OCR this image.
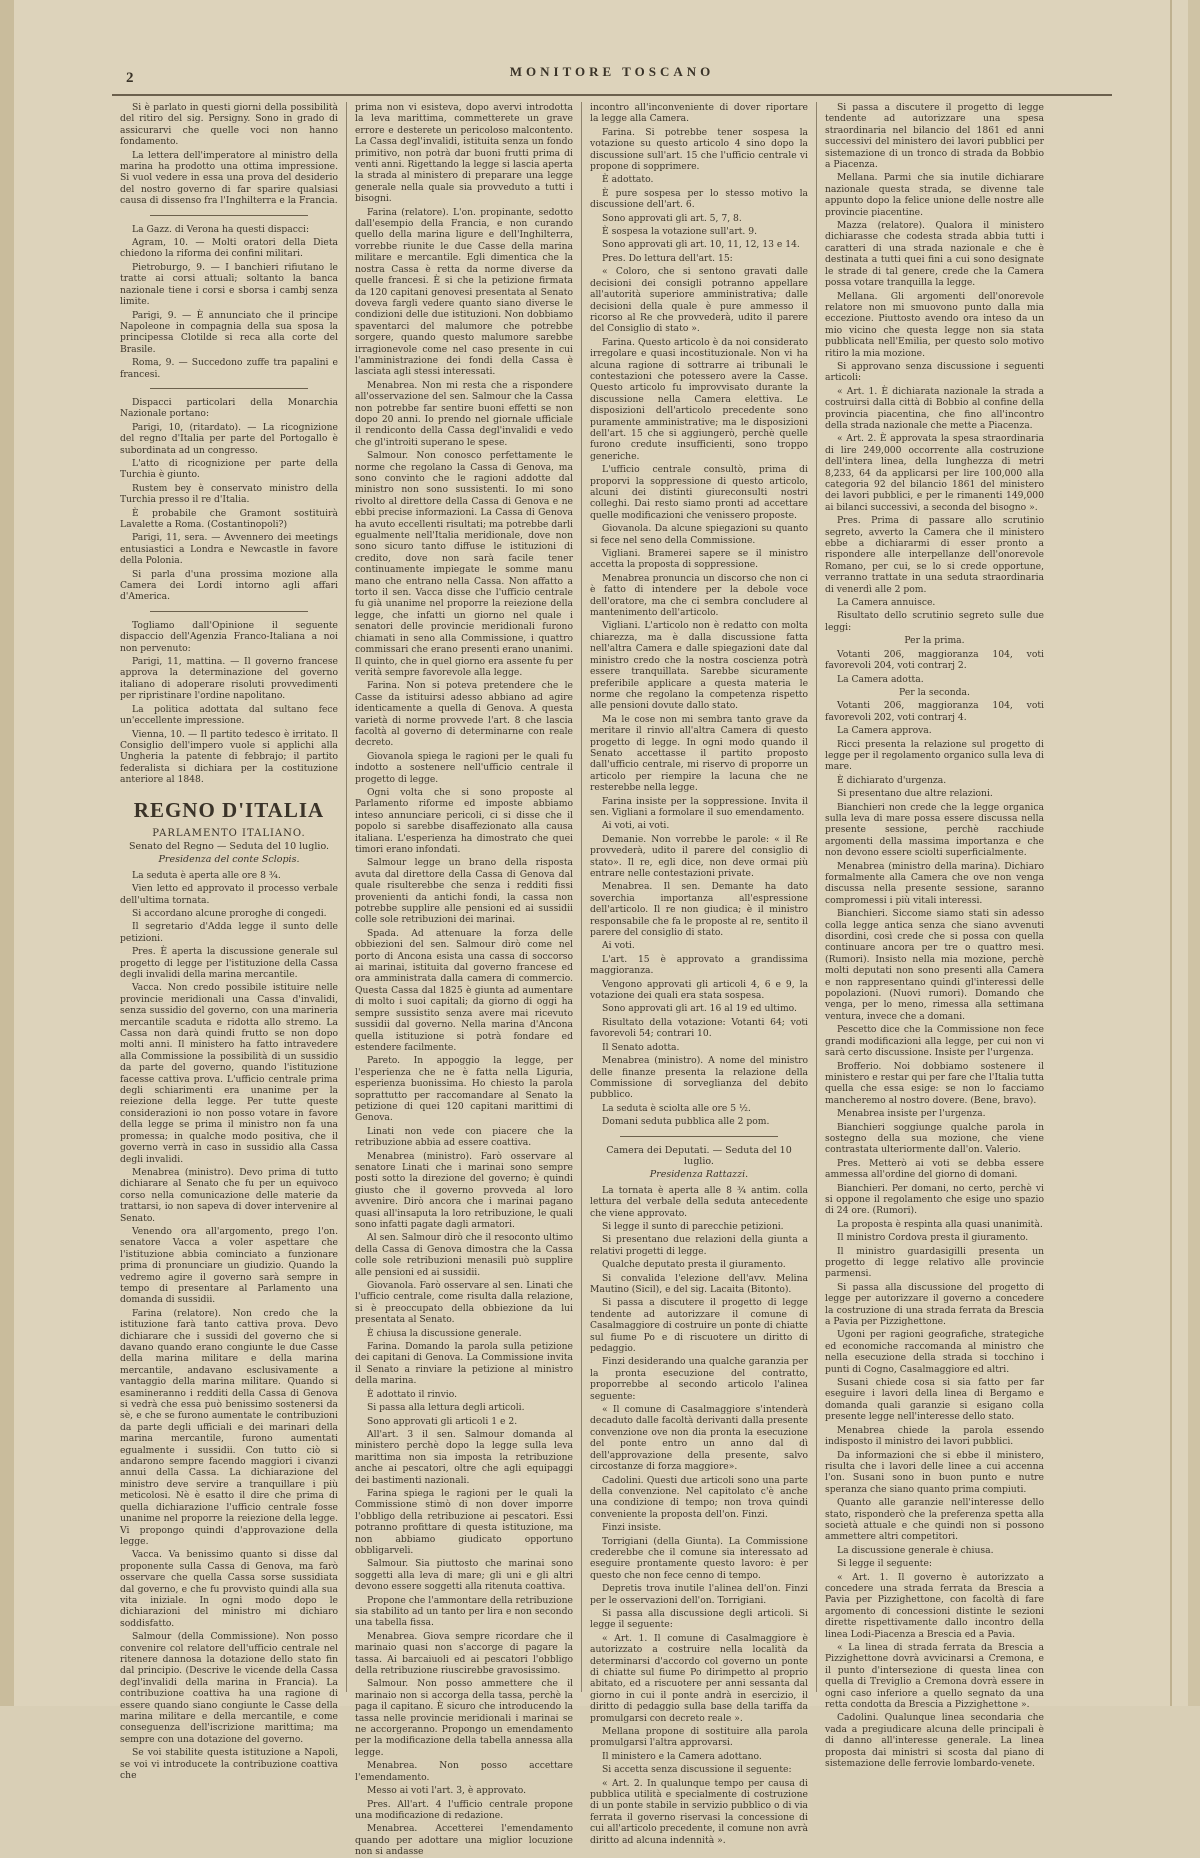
2	MONITORE TOSCANO

Si è parlato in questi giorni della possibilità del ritiro del sig. Persigny. Sono in grado di assicurarvi che quelle voci non hanno fondamento.

La lettera dell'imperatore al ministro della marina ha prodotto una ottima impressione. Si vuol vedere in essa una prova del desiderio del nostro governo di far sparire qualsiasi causa di dissenso fra l'Inghilterra e la Francia.

La Gazz. di Verona ha questi dispacci:

Agram, 10. — Molti oratori della Dieta chiedono la riforma dei confini militari.

Pietroburgo, 9. — I banchieri rifiutano le tratte ai corsi attuali; soltanto la banca nazionale tiene i corsi e sborsa i cambj senza limite.

Parigi, 9. — È annunciato che il principe Napoleone in compagnia della sua sposa la principessa Clotilde si reca alla corte del Brasile.

Roma, 9. — Succedono zuffe tra papalini e francesi.

Dispacci particolari della Monarchia Nazionale portano:

Parigi, 10, (ritardato). — La ricognizione del regno d'Italia per parte del Portogallo è subordinata ad un congresso.

L'atto di ricognizione per parte della Turchia è giunto.

Rustem bey è conservato ministro della Turchia presso il re d'Italia.

È probabile che Gramont sostituirà Lavalette a Roma. (Costantinopoli?)

Parigi, 11, sera. — Avvennero dei meetings entusiastici a Londra e Newcastle in favore della Polonia.

Si parla d'una prossima mozione alla Camera dei Lordi intorno agli affari d'America.

Togliamo dall'Opinione il seguente dispaccio dell'Agenzia Franco-Italiana a noi non pervenuto:

Parigi, 11, mattina. — Il governo francese approva la determinazione del governo italiano di adoperare risoluti provvedimenti per ripristinare l'ordine napolitano.

La politica adottata dal sultano fece un'eccellente impressione.

Vienna, 10. — Il partito tedesco è irritato. Il Consiglio dell'impero vuole si applichi alla Ungheria la patente di febbrajo; il partito federalista si dichiara per la costituzione anteriore al 1848.

REGNO D'ITALIA
PARLAMENTO ITALIANO.
Senato del Regno — Seduta del 10 luglio.
Presidenza del conte Sclopis.

La seduta è aperta alle ore 8 ¾.

Vien letto ed approvato il processo verbale dell'ultima tornata.

Si accordano alcune proroghe di congedi.

Il segretario d'Adda legge il sunto delle petizioni.

Pres. È aperta la discussione generale sul progetto di legge per l'istituzione della Cassa degli invalidi della marina mercantile.

Vacca. Non credo possibile istituire nelle provincie meridionali una Cassa d'invalidi, senza sussidio del governo, con una marineria mercantile scaduta e ridotta allo stremo. La Cassa non darà quindi frutto se non dopo molti anni. Il ministero ha fatto intravedere alla Commissione la possibilità di un sussidio da parte del governo, quando l'istituzione facesse cattiva prova. L'ufficio centrale prima degli schiarimenti era unanime per la reiezione della legge. Per tutte queste considerazioni io non posso votare in favore della legge se prima il ministro non fa una promessa; in qualche modo positiva, che il governo verrà in caso in sussidio alla Cassa degli invalidi.

Menabrea (ministro). Devo prima di tutto dichiarare al Senato che fu per un equivoco corso nella comunicazione delle materie da trattarsi, io non sapeva di dover intervenire al Senato.

Venendo ora all'argomento, prego l'on. senatore Vacca a voler aspettare che l'istituzione abbia cominciato a funzionare prima di pronunciare un giudizio. Quando la vedremo agire il governo sarà sempre in tempo di presentare al Parlamento una domanda di sussidii.

Farina (relatore). Non credo che la istituzione farà tanto cattiva prova. Devo dichiarare che i sussidi del governo che si davano quando erano congiunte le due Casse della marina militare e della marina mercantile, andavano esclusivamente a vantaggio della marina militare. Quando si esamineranno i redditi della Cassa di Genova si vedrà che essa può benissimo sostenersi da sè, e che se furono aumentate le contribuzioni da parte degli ufficiali e dei marinari della marina mercantile, furono aumentati egualmente i sussidii. Con tutto ciò si andarono sempre facendo maggiori i civanzi annui della Cassa. La dichiarazione del ministro deve servire a tranquillare i più meticolosi. Nè è esatto il dire che prima di quella dichiarazione l'ufficio centrale fosse unanime nel proporre la reiezione della legge. Vi propongo quindi d'approvazione della legge.

Vacca. Va benissimo quanto si disse dal proponente sulla Cassa di Genova, ma farò osservare che quella Cassa sorse sussidiata dal governo, e che fu provvisto quindi alla sua vita iniziale. In ogni modo dopo le dichiarazioni del ministro mi dichiaro soddisfatto.

Salmour (della Commissione). Non posso convenire col relatore dell'ufficio centrale nel ritenere dannosa la dotazione dello stato fin dal principio. (Descrive le vicende della Cassa degl'invalidi della marina in Francia). La contribuzione coattiva ha una ragione di essere quando siano congiunte le Casse della marina militare e della mercantile, e come conseguenza dell'iscrizione marittima; ma sempre con una dotazione del governo.

Se voi stabilite questa istituzione a Napoli, se voi vi introducete la contribuzione coattiva che

prima non vi esisteva, dopo avervi introdotta la leva marittima, commetterete un grave errore e desterete un pericoloso malcontento. La Cassa degl'invalidi, istituita senza un fondo primitivo, non potrà dar buoni frutti prima di venti anni. Rigettando la legge si lascia aperta la strada al ministero di preparare una legge generale nella quale sia provveduto a tutti i bisogni.

Farina (relatore). L'on. propinante, sedotto dall'esempio della Francia, e non curando quello della marina ligure e dell'Inghilterra, vorrebbe riunite le due Casse della marina militare e mercantile. Egli dimentica che la nostra Cassa è retta da norme diverse da quelle francesi. È si che la petizione firmata da 120 capitani genovesi presentata al Senato doveva fargli vedere quanto siano diverse le condizioni delle due istituzioni. Non dobbiamo spaventarci del malumore che potrebbe sorgere, quando questo malumore sarebbe irragionevole come nel caso presente in cui l'amministrazione dei fondi della Cassa è lasciata agli stessi interessati.

Menabrea. Non mi resta che a rispondere all'osservazione del sen. Salmour che la Cassa non potrebbe far sentire buoni effetti se non dopo 20 anni. Io prendo nel giornale ufficiale il rendiconto della Cassa degl'invalidi e vedo che gl'introiti superano le spese.

Salmour. Non conosco perfettamente le norme che regolano la Cassa di Genova, ma sono convinto che le ragioni addotte dal ministro non sono sussistenti. Io mi sono rivolto al direttore della Cassa di Genova e ne ebbi precise informazioni. La Cassa di Genova ha avuto eccellenti risultati; ma potrebbe darli egualmente nell'Italia meridionale, dove non sono sicuro tanto diffuse le istituzioni di credito, dove non sarà facile tener continuamente impiegate le somme manu mano che entrano nella Cassa. Non affatto a torto il sen. Vacca disse che l'ufficio centrale fu già unanime nel proporre la reiezione della legge, che infatti un giorno nel quale i senatori delle provincie meridionali furono chiamati in seno alla Commissione, i quattro commissari che erano presenti erano unanimi. Il quinto, che in quel giorno era assente fu per verità sempre favorevole alla legge.

Farina. Non si poteva pretendere che le Casse da istituirsi adesso abbiano ad agire identicamente a quella di Genova. A questa varietà di norme provvede l'art. 8 che lascia facoltà al governo di determinarne con reale decreto.

Giovanola spiega le ragioni per le quali fu indotto a sostenere nell'ufficio centrale il progetto di legge.

Ogni volta che si sono proposte al Parlamento riforme ed imposte abbiamo inteso annunciare pericoli, ci si disse che il popolo si sarebbe disaffezionato alla causa italiana. L'esperienza ha dimostrato che quei timori erano infondati.

Salmour legge un brano della risposta avuta dal direttore della Cassa di Genova dal quale risulterebbe che senza i redditi fissi provenienti da antichi fondi, la cassa non potrebbe supplire alle pensioni ed ai sussidii colle sole retribuzioni dei marinai.

Spada. Ad attenuare la forza delle obbiezioni del sen. Salmour dirò come nel porto di Ancona esista una cassa di soccorso ai marinai, istituita dal governo francese ed ora amministrata dalla camera di commercio. Questa Cassa dal 1825 è giunta ad aumentare di molto i suoi capitali; da giorno di oggi ha sempre sussistito senza avere mai ricevuto sussidii dal governo. Nella marina d'Ancona quella istituzione si potrà fondare ed estendere facilmente.

Pareto. In appoggio la legge, per l'esperienza che ne è fatta nella Liguria, esperienza buonissima. Ho chiesto la parola soprattutto per raccomandare al Senato la petizione di quei 120 capitani marittimi di Genova.

Linati non vede con piacere che la retribuzione abbia ad essere coattiva.

Menabrea (ministro). Farò osservare al senatore Linati che i marinai sono sempre posti sotto la direzione del governo; è quindi giusto che il governo provveda al loro avvenire. Dirò ancora che i marinai pagano quasi all'insaputa la loro retribuzione, le quali sono infatti pagate dagli armatori.

Al sen. Salmour dirò che il resoconto ultimo della Cassa di Genova dimostra che la Cassa colle sole retribuzioni menasili può supplire alle pensioni ed ai sussidii.

Giovanola. Farò osservare al sen. Linati che l'ufficio centrale, come risulta dalla relazione, si è preoccupato della obbiezione da lui presentata al Senato.

È chiusa la discussione generale.

Farina. Domando la parola sulla petizione dei capitani di Genova. La Commissione invita il Senato a rinviare la petizione al ministro della marina.

È adottato il rinvio.

Si passa alla lettura degli articoli.

Sono approvati gli articoli 1 e 2.

All'art. 3 il sen. Salmour domanda al ministero perchè dopo la legge sulla leva marittima non sia imposta la retribuzione anche ai pescatori, oltre che agli equipaggi dei bastimenti nazionali.

Farina spiega le ragioni per le quali la Commissione stimò di non dover imporre l'obbligo della retribuzione ai pescatori. Essi potranno profittare di questa istituzione, ma non abbiamo giudicato opportuno obbligarveli.

Salmour. Sia piuttosto che marinai sono soggetti alla leva di mare; gli uni e gli altri devono essere soggetti alla ritenuta coattiva.

Propone che l'ammontare della retribuzione sia stabilito ad un tanto per lira e non secondo una tabella fissa.

Menabrea. Giova sempre ricordare che il marinaio quasi non s'accorge di pagare la tassa. Ai barcaiuoli ed ai pescatori l'obbligo della retribuzione riuscirebbe gravosissimo.

Salmour. Non posso ammettere che il marinaio non si accorga della tassa, perchè la paga il capitano. È sicuro che introducendo la tassa nelle provincie meridionali i marinai se ne accorgeranno. Propongo un emendamento per la modificazione della tabella annessa alla legge.

Menabrea. Non posso accettare l'emendamento.

Messo ai voti l'art. 3, è approvato.

Pres. All'art. 4 l'ufficio centrale propone una modificazione di redazione.

Menabrea. Accetterei l'emendamento quando per adottare una miglior locuzione non si andasse

incontro all'inconveniente di dover riportare la legge alla Camera.

Farina. Si potrebbe tener sospesa la votazione su questo articolo 4 sino dopo la discussione sull'art. 15 che l'ufficio centrale vi propone di sopprimere.

È adottato.

È pure sospesa per lo stesso motivo la discussione dell'art. 6.

Sono approvati gli art. 5, 7, 8.

È sospesa la votazione sull'art. 9.

Sono approvati gli art. 10, 11, 12, 13 e 14.

Pres. Do lettura dell'art. 15:

« Coloro, che si sentono gravati dalle decisioni dei consigli potranno appellare all'autorità superiore amministrativa; dalle decisioni della quale è pure ammesso il ricorso al Re che provvederà, udito il parere del Consiglio di stato ».

Farina. Questo articolo è da noi considerato irregolare e quasi incostituzionale. Non vi ha alcuna ragione di sottrarre ai tribunali le contestazioni che potessero avere la Casse. Questo articolo fu improvvisato durante la discussione nella Camera elettiva. Le disposizioni dell'articolo precedente sono puramente amministrative; ma le disposizioni dell'art. 15 che si aggiungerò, perchè quelle furono credute insufficienti, sono troppo generiche.

L'ufficio centrale consultò, prima di proporvi la soppressione di questo articolo, alcuni dei distinti giureconsulti nostri colleghi. Dai resto siamo pronti ad accettare quelle modificazioni che venissero proposte.

Giovanola. Da alcune spiegazioni su quanto si fece nel seno della Commissione.

Vigliani. Bramerei sapere se il ministro accetta la proposta di soppressione.

Menabrea pronuncia un discorso che non ci è fatto di intendere per la debole voce dell'oratore, ma che ci sembra concludere al mantenimento dell'articolo.

Vigliani. L'articolo non è redatto con molta chiarezza, ma è dalla discussione fatta nell'altra Camera e dalle spiegazioni date dal ministro credo che la nostra coscienza potrà essere tranquillata. Sarebbe sicuramente preferibile applicare a questa materia le norme che regolano la competenza rispetto alle pensioni dovute dallo stato.

Ma le cose non mi sembra tanto grave da meritare il rinvio all'altra Camera di questo progetto di legge. In ogni modo quando il Senato accettasse il partito proposto dall'ufficio centrale, mi riservo di proporre un articolo per riempire la lacuna che ne resterebbe nella legge.

Farina insiste per la soppressione. Invita il sen. Vigliani a formolare il suo emendamento.

Ai voti, ai voti.

Demanie. Non vorrebbe le parole: « il Re provvederà, udito il parere del consiglio di stato». Il re, egli dice, non deve ormai più entrare nelle contestazioni private.

Menabrea. Il sen. Demante ha dato soverchia importanza all'espressione dell'articolo. Il re non giudica; è il ministro responsabile che fa le proposte al re, sentito il parere del consiglio di stato.

Ai voti.

L'art. 15 è approvato a grandissima maggioranza.

Vengono approvati gli articoli 4, 6 e 9, la votazione dei quali era stata sospesa.

Sono approvati gli art. 16 al 19 ed ultimo.

Risultato della votazione: Votanti 64; voti favorevoli 54; contrari 10.

Il Senato adotta.

Menabrea (ministro). A nome del ministro delle finanze presenta la relazione della Commissione di sorveglianza del debito pubblico.

La seduta è sciolta alle ore 5 ½.

Domani seduta pubblica alle 2 pom.

Camera dei Deputati. — Seduta del 10 luglio.
Presidenza Rattazzi.

La tornata è aperta alle 8 ¾ antim. colla lettura del verbale della seduta antecedente che viene approvato.

Si legge il sunto di parecchie petizioni.

Si presentano due relazioni della giunta a relativi progetti di legge.

Qualche deputato presta il giuramento.

Si convalida l'elezione dell'avv. Melina Mautino (Sicil), e del sig. Lacaita (Bitonto).

Si passa a discutere il progetto di legge tendente ad autorizzare il comune di Casalmaggiore di costruire un ponte di chiatte sul fiume Po e di riscuotere un diritto di pedaggio.

Finzi desiderando una qualche garanzia per la pronta esecuzione del contratto, proporrebbe al secondo articolo l'alinea seguente:

« Il comune di Casalmaggiore s'intenderà decaduto dalle facoltà derivanti dalla presente convenzione ove non dia pronta la esecuzione del ponte entro un anno dal dì dell'approvazione della presente, salvo circostanze di forza maggiore».

Cadolini. Questi due articoli sono una parte della convenzione. Nel capitolato c'è anche una condizione di tempo; non trova quindi conveniente la proposta dell'on. Finzi.

Finzi insiste.

Torrigiani (della Giunta). La Commissione crederebbe che il comune sia interessato ad eseguire prontamente questo lavoro: è per questo che non fece cenno di tempo.

Depretis trova inutile l'alinea dell'on. Finzi per le osservazioni dell'on. Torrigiani.

Si passa alla discussione degli articoli. Si legge il seguente:

« Art. 1. Il comune di Casalmaggiore è autorizzato a costruire nella località da determinarsi d'accordo col governo un ponte di chiatte sul fiume Po dirimpetto al proprio abitato, ed a riscuotere per anni sessanta dal giorno in cui il ponte andrà in esercizio, il diritto di pedaggio sulla base della tariffa da promulgarsi con decreto reale ».

Mellana propone di sostituire alla parola promulgarsi l'altra approvarsi.

Il ministero e la Camera adottano.

Si accetta senza discussione il seguente:

« Art. 2. In qualunque tempo per causa di pubblica utilità e specialmente di costruzione di un ponte stabile in servizio pubblico o di via ferrata il governo riservasi la concessione di cui all'articolo precedente, il comune non avrà diritto ad alcuna indennità ».

Si passa a discutere il progetto di legge tendente ad autorizzare una spesa straordinaria nel bilancio del 1861 ed anni successivi del ministero dei lavori pubblici per sistemazione di un tronco di strada da Bobbio a Piacenza.

Mellana. Parmi che sia inutile dichiarare nazionale questa strada, se divenne tale appunto dopo la felice unione delle nostre alle provincie piacentine.

Mazza (relatore). Qualora il ministero dichiarasse che codesta strada abbia tutti i caratteri di una strada nazionale e che è destinata a tutti quei fini a cui sono designate le strade di tal genere, crede che la Camera possa votare tranquilla la legge.

Mellana. Gli argomenti dell'onorevole relatore non mi smuovono punto dalla mia eccezione. Piuttosto avendo ora inteso da un mio vicino che questa legge non sia stata pubblicata nell'Emilia, per questo solo motivo ritiro la mia mozione.

Si approvano senza discussione i seguenti articoli:

« Art. 1. È dichiarata nazionale la strada a costruirsi dalla città di Bobbio al confine della provincia piacentina, che fino all'incontro della strada nazionale che mette a Piacenza.

« Art. 2. È approvata la spesa straordinaria di lire 249,000 occorrente alla costruzione dell'intera linea, della lunghezza di metri 8,233, 64 da applicarsi per lire 100,000 alla categoria 92 del bilancio 1861 del ministero dei lavori pubblici, e per le rimanenti 149,000 ai bilanci successivi, a seconda del bisogno ».

Pres. Prima di passare allo scrutinio segreto, avverto la Camera che il ministero ebbe a dichiararmi di esser pronto a rispondere alle interpellanze dell'onorevole Romano, per cui, se lo si crede opportune, verranno trattate in una seduta straordinaria di venerdì alle 2 pom.

La Camera annuisce.

Risultato dello scrutinio segreto sulle due leggi:

Per la prima.

Votanti 206, maggioranza 104, voti favorevoli 204, voti contrarj 2.

La Camera adotta.

Per la seconda.

Votanti 206, maggioranza 104, voti favorevoli 202, voti contrarj 4.

La Camera approva.

Ricci presenta la relazione sul progetto di legge per il regolamento organico sulla leva di mare.

È dichiarato d'urgenza.

Si presentano due altre relazioni.

Bianchieri non crede che la legge organica sulla leva di mare possa essere discussa nella presente sessione, perchè racchiude argomenti della massima importanza e che non devono essere sciolti superficialmente.

Menabrea (ministro della marina). Dichiaro formalmente alla Camera che ove non venga discussa nella presente sessione, saranno compromessi i più vitali interessi.

Bianchieri. Siccome siamo stati sin adesso colla legge antica senza che siano avvenuti disordini, così crede che si possa con quella continuare ancora per tre o quattro mesi. (Rumori). Insisto nella mia mozione, perchè molti deputati non sono presenti alla Camera e non rappresentano quindi gl'interessi delle popolazioni. (Nuovi rumori). Domando che venga, per lo meno, rimessa alla settimana ventura, invece che a domani.

Pescetto dice che la Commissione non fece grandi modificazioni alla legge, per cui non vi sarà certo discussione. Insiste per l'urgenza.

Brofferio. Noi dobbiamo sostenere il ministero e restar qui per fare che l'Italia tutta quella che essa esige: se non lo facciamo mancheremo al nostro dovere. (Bene, bravo).

Menabrea insiste per l'urgenza.

Bianchieri soggiunge qualche parola in sostegno della sua mozione, che viene contrastata ulteriormente dall'on. Valerio.

Pres. Metterò ai voti se debba essere ammessa all'ordine del giorno di domani.

Bianchieri. Per domani, no certo, perchè vi si oppone il regolamento che esige uno spazio di 24 ore. (Rumori).

La proposta è respinta alla quasi unanimità.

Il ministro Cordova presta il giuramento.

Il ministro guardasigilli presenta un progetto di legge relativo alle provincie parmensi.

Si passa alla discussione del progetto di legge per autorizzare il governo a concedere la costruzione di una strada ferrata da Brescia a Pavia per Pizzighettone.

Ugoni per ragioni geografiche, strategiche ed economiche raccomanda al ministro che nella esecuzione della strada si tocchino i punti di Cogno, Casalmaggiore ed altri.

Susani chiede cosa si sia fatto per far eseguire i lavori della linea di Bergamo e domanda quali garanzie si esigano colla presente legge nell'interesse dello stato.

Menabrea chiede la parola essendo indisposto il ministro dei lavori pubblici.

Da informazioni che si ebbe il ministero, risulta che i lavori delle linee a cui accenna l'on. Susani sono in buon punto e nutre speranza che siano quanto prima compiuti.

Quanto alle garanzie nell'interesse dello stato, risponderò che la preferenza spetta alla società attuale e che quindi non si possono ammettere altri competitori.

La discussione generale è chiusa.

Si legge il seguente:

« Art. 1. Il governo è autorizzato a concedere una strada ferrata da Brescia a Pavia per Pizzighettone, con facoltà di fare argomento di concessioni distinte le sezioni dirette rispettivamente dallo incontro della linea Lodi-Piacenza a Brescia ed a Pavia.

« La linea di strada ferrata da Brescia a Pizzighettone dovrà avvicinarsi a Cremona, e il punto d'intersezione di questa linea con quella di Treviglio a Cremona dovrà essere in ogni caso inferiore a quello segnato da una retta condotta da Brescia a Pizzighettone ».

Cadolini. Qualunque linea secondaria che vada a pregiudicare alcuna delle principali è di danno all'interesse generale. La linea proposta dai ministri si scosta dal piano di sistemazione delle ferrovie lombardo-venete.
